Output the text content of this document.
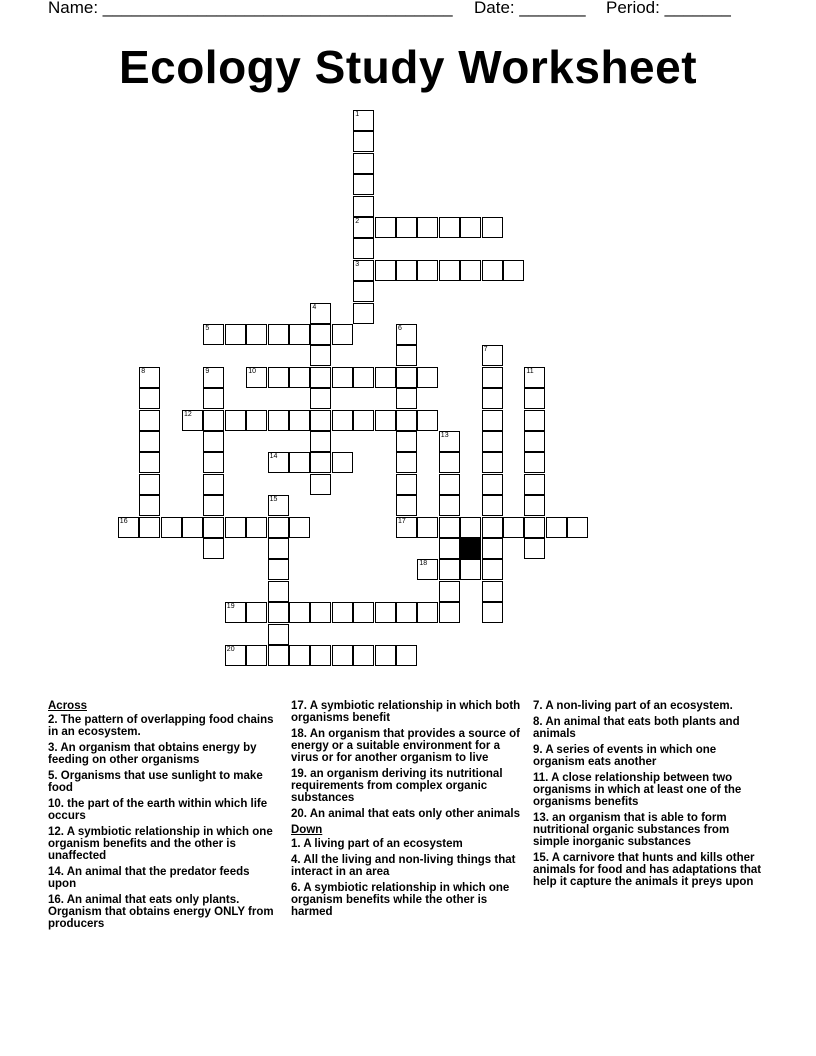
Name: _____________________________________ Date: _______ Period: _______
Ecology Study Worksheet
1
2
3
4
5	6
7
8	9	10	11
12
13
14
15
16	17
18
19
20
Across
2. The pattern of overlapping food chains in an ecosystem.
3. An organism that obtains energy by feeding on other organisms
5. Organisms that use sunlight to make food
10. the part of the earth within which life occurs
12. A symbiotic relationship in which one organism benefits and the other is unaffected
14. An animal that the predator feeds upon
16. An animal that eats only plants. Organism that obtains energy ONLY from producers
17. A symbiotic relationship in which both organisms benefit
18. An organism that provides a source of energy or a suitable environment for a virus or for another organism to live
19. an organism deriving its nutritional requirements from complex organic substances
20. An animal that eats only other animals
Down
1. A living part of an ecosystem
4. All the living and non-living things that interact in an area
6. A symbiotic relationship in which one organism benefits while the other is harmed
7. A non-living part of an ecosystem.
8. An animal that eats both plants and animals
9. A series of events in which one organism eats another
11. A close relationship between two organisms in which at least one of the organisms benefits
13. an organism that is able to form nutritional organic substances from simple inorganic substances
15. A carnivore that hunts and kills other animals for food and has adaptations that help it capture the animals it preys upon
